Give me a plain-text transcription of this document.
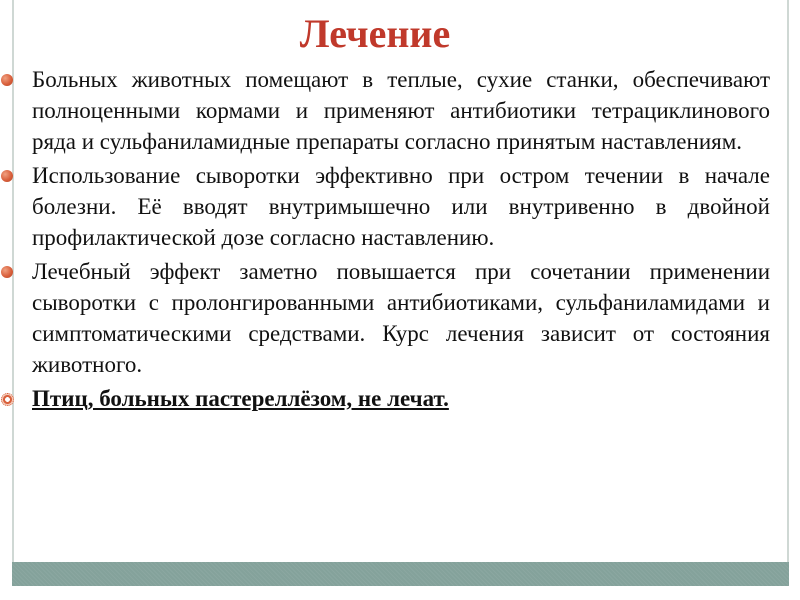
Лечение
Больных животных помещают в теплые, сухие станки, обеспечивают полноценными кормами и применяют антибиотики тетрациклинового ряда и сульфаниламидные препараты согласно принятым наставлениям.
Использование сыворотки эффективно при остром течении в начале болезни. Её вводят внутримышечно или внутривенно в двойной профилактической дозе согласно наставлению.
Лечебный эффект заметно повышается при сочетании применении сыворотки с пролонгированными антибиотиками, сульфаниламидами и симптоматическими средствами. Курс лечения зависит от состояния животного.
Птиц, больных пастереллёзом, не лечат.
